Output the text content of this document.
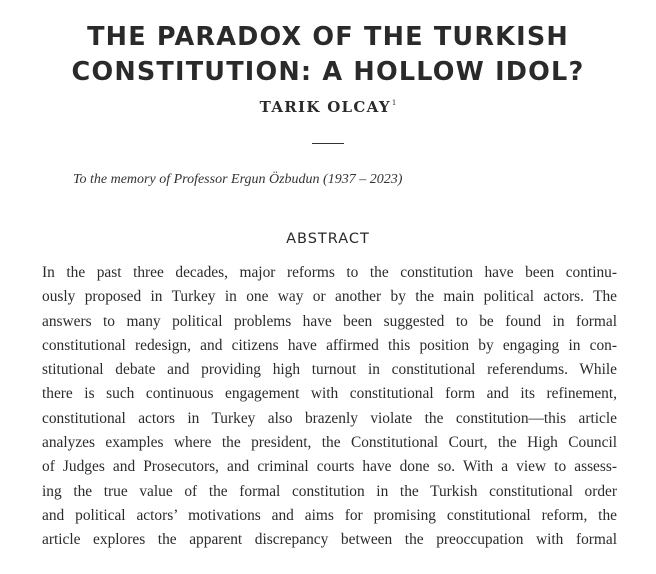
THE PARADOX OF THE TURKISH
CONSTITUTION: A HOLLOW IDOL?
TARIK OLCAY$^1$
To the memory of Professor Ergun Özbudun (1937 – 2023)
ABSTRACT
In the past three decades, major reforms to the constitution have been continu-
ously proposed in Turkey in one way or another by the main political actors. The
answers to many political problems have been suggested to be found in formal
constitutional redesign, and citizens have affirmed this position by engaging in con-
stitutional debate and providing high turnout in constitutional referendums. While
there is such continuous engagement with constitutional form and its refinement,
constitutional actors in Turkey also brazenly violate the constitution—this article
analyzes examples where the president, the Constitutional Court, the High Council
of Judges and Prosecutors, and criminal courts have done so. With a view to assess-
ing the true value of the formal constitution in the Turkish constitutional order
and political actors’ motivations and aims for promising constitutional reform, the
article explores the apparent discrepancy between the preoccupation with formal
